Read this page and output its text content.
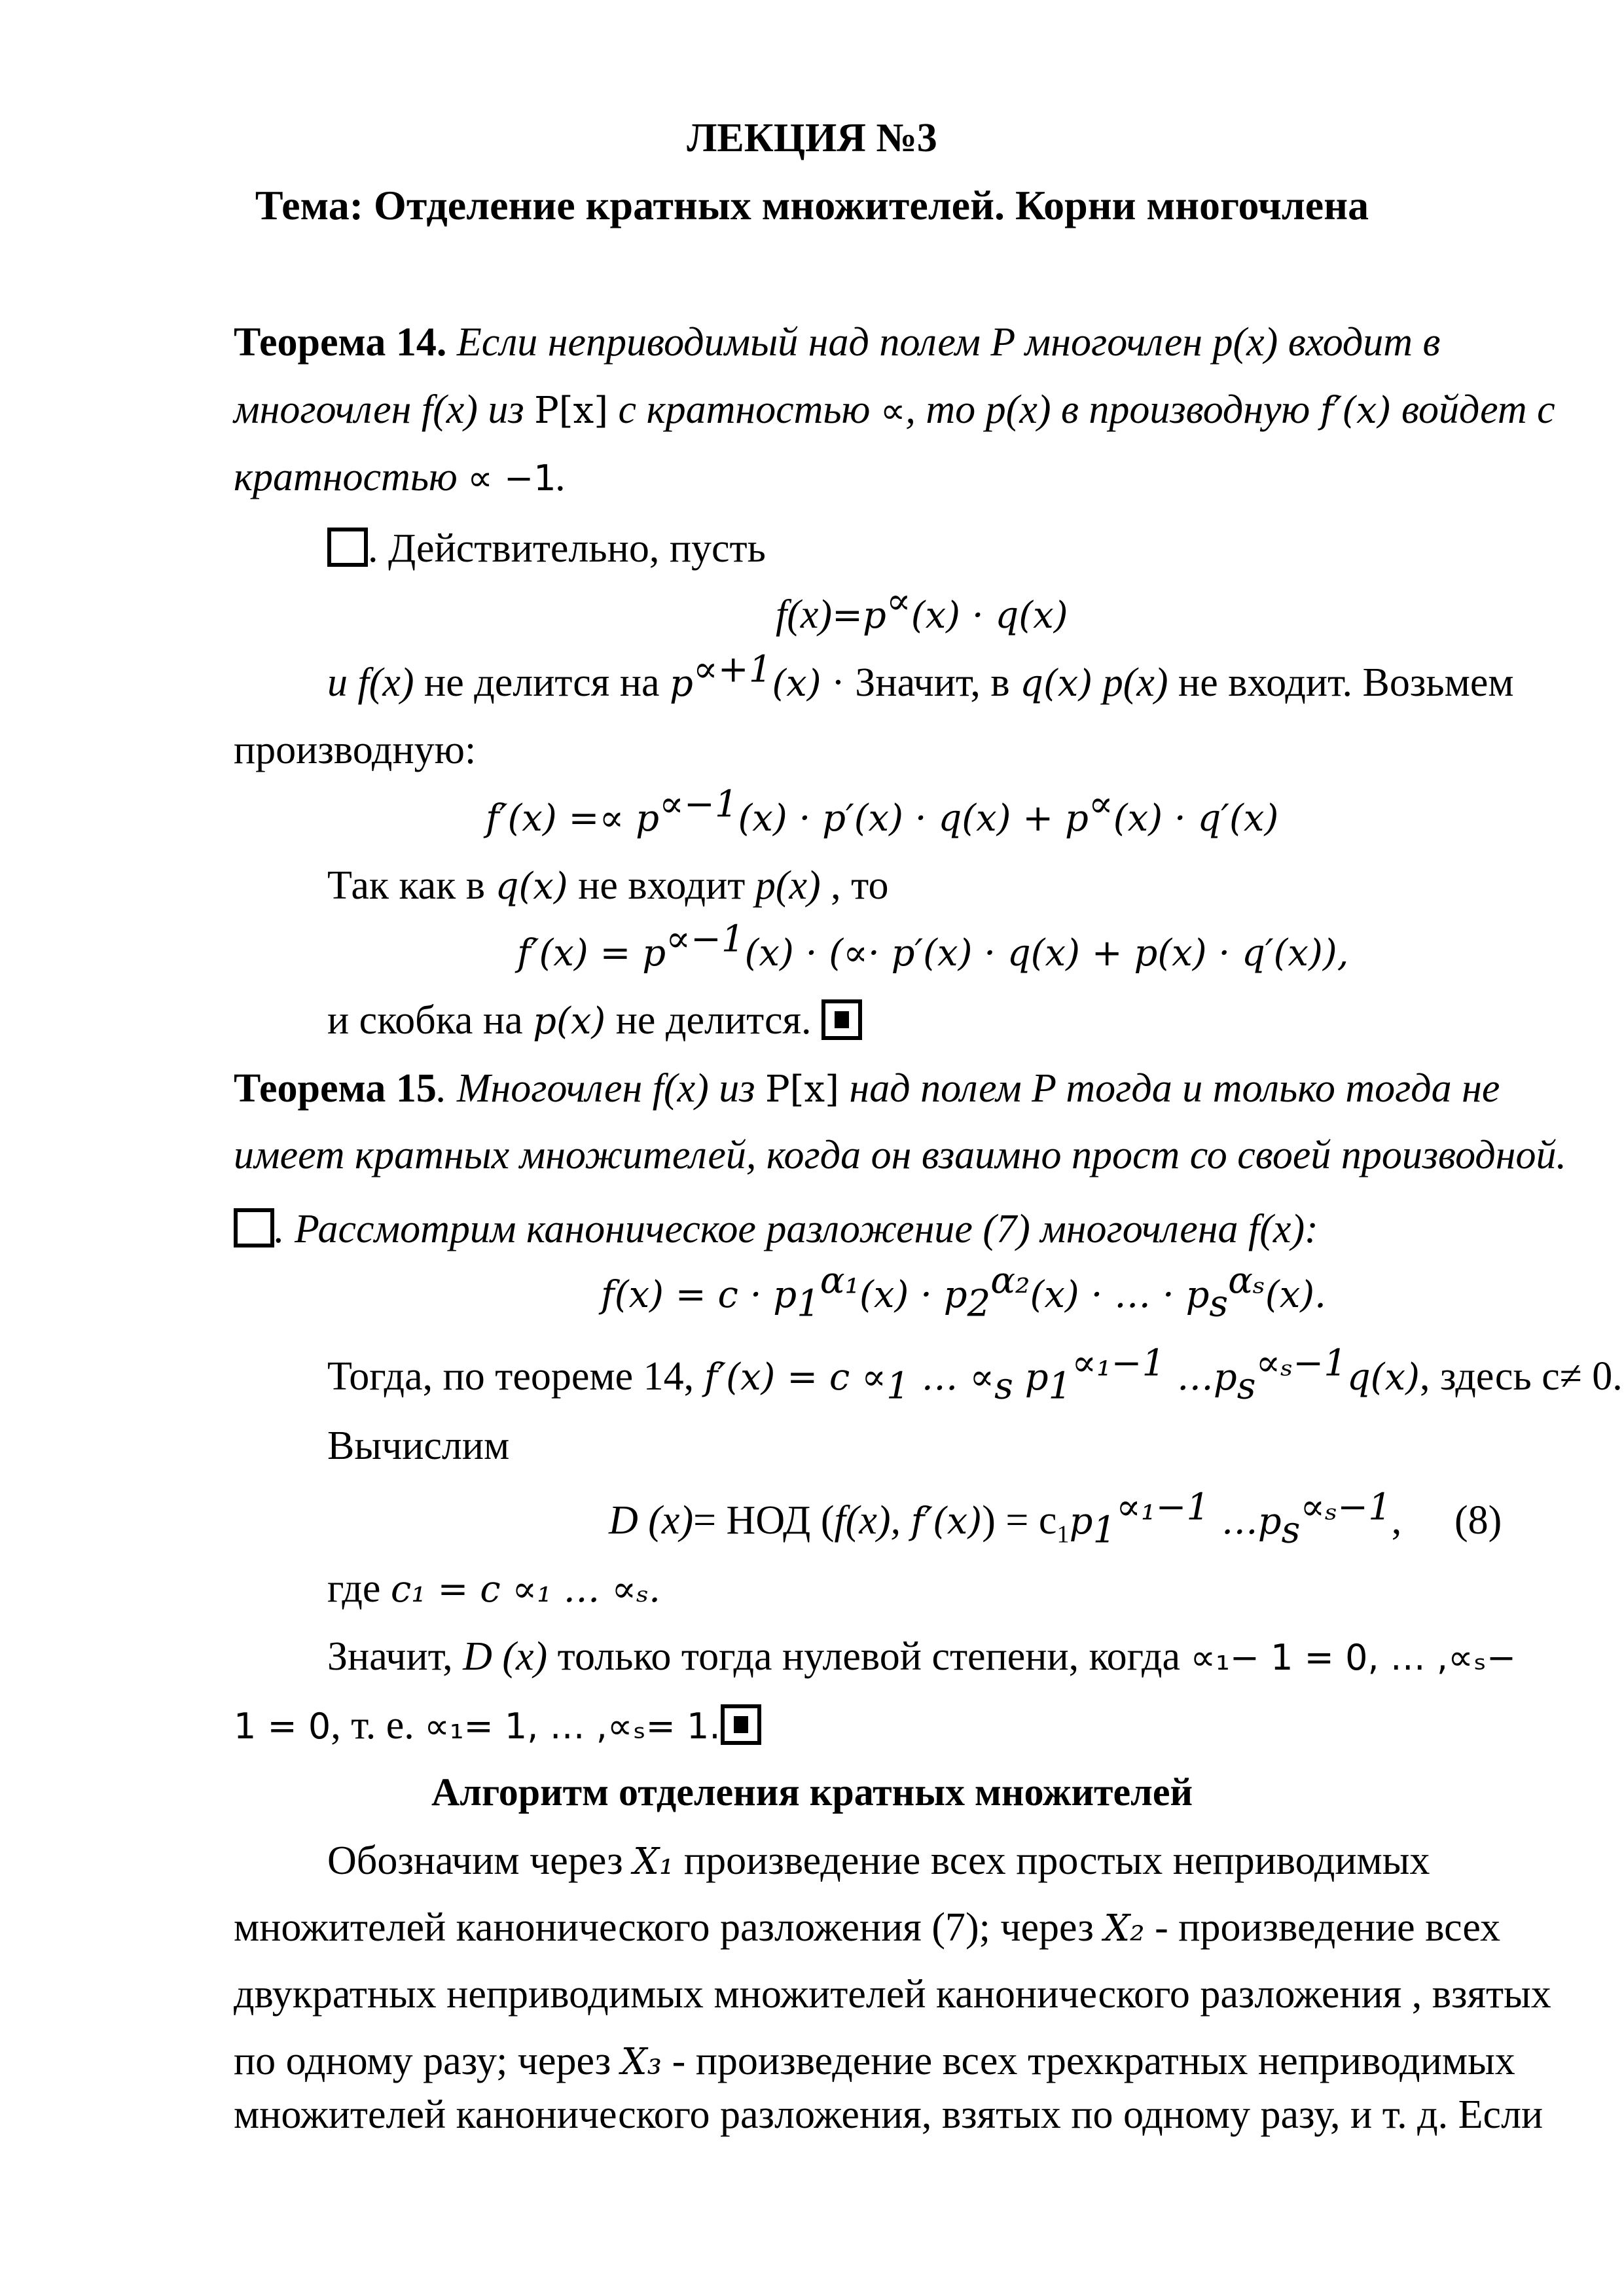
ЛЕКЦИЯ №3
Тема: Отделение кратных множителей. Корни многочлена
Теорема 14. Если неприводимый над полем P многочлен p(x) входит в
многочлен f(x) из P[x] с кратностью ∝, то p(x) в производную f′(x) войдет с
кратностью ∝ −1.
. Действительно, пусть
f(x)=p∝(x) · q(x)
и f(x) не делится на $p^{\propto+1}(x)$ · Значит, в q(x) p(x) не входит. Возьмем
производную:
$f'(x) =\propto p^{\propto-1}(x) \cdot p'(x) \cdot q(x) + p^\propto(x) \cdot q'(x)$
Так как в q(x) не входит p(x) , то
$f'(x) = p^{\propto-1}(x)$ · (∝· p′(x) · q(x) + p(x) · q′(x)),
и скобка на p(x) не делится.
Теорема 15. Многочлен f(x) из P[x] над полем P тогда и только тогда не
имеет кратных множителей, когда он взаимно прост со своей производной.
. Рассмотрим каноническое разложение (7) многочлена f(x):
$f(x) = c \cdot p_1^{\alpha_1}(x) \cdot p_2^{\alpha_2}(x)$ · … · $p_s^{\alpha_s}(x)$.
Тогда, по теореме 14, $f'(x) = c \propto_1$ … $\propto_s$ $p_1^{\propto_1-1}$ $\dots p_s^{\propto_s-1}q(x)$, здесь c≠ 0.
Вычислим
D (x)= НОД (f(x), $f'(x)) = c_1p_1^{\propto_1-1}$ $\dots p_s^{\propto_s-1}$, (8)
где c₁ = c ∝₁ … ∝ₛ.
Значит, D (x) только тогда нулевой степени, когда ∝₁− 1 = 0, … ,∝ₛ−
1 = 0, т. е. ∝₁= 1, … ,∝ₛ= 1.
Алгоритм отделения кратных множителей
Обозначим через X₁ произведение всех простых неприводимых
множителей канонического разложения (7); через X₂ - произведение всех
двукратных неприводимых множителей канонического разложения , взятых
по одному разу; через X₃ - произведение всех трехкратных неприводимых
множителей канонического разложения, взятых по одному разу, и т. д. Если
